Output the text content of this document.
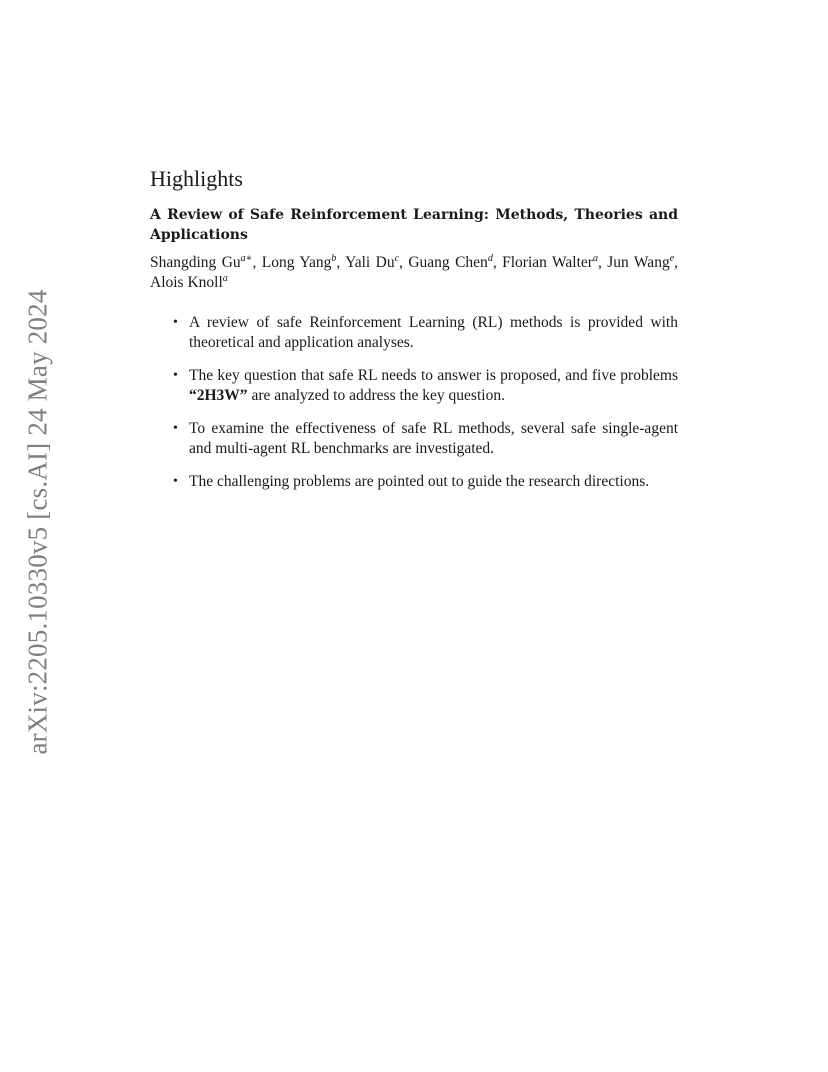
arXiv:2205.10330v5 [cs.AI] 24 May 2024
Highlights
A Review of Safe Reinforcement Learning: Methods, Theories and Applications

Shangding $Gu^{a∗}$, Long Yang$^b$, Yali Du$^c$, Guang Chen$^d$, Florian Walter$^a$, Jun Wang$^e$, Alois Knoll$^a$

• A review of safe Reinforcement Learning (RL) methods is provided with theoretical and application analyses.
• The key question that safe RL needs to answer is proposed, and five problems “2H3W” are analyzed to address the key question.
• To examine the effectiveness of safe RL methods, several safe single-agent and multi-agent RL benchmarks are investigated.
• The challenging problems are pointed out to guide the research directions.
